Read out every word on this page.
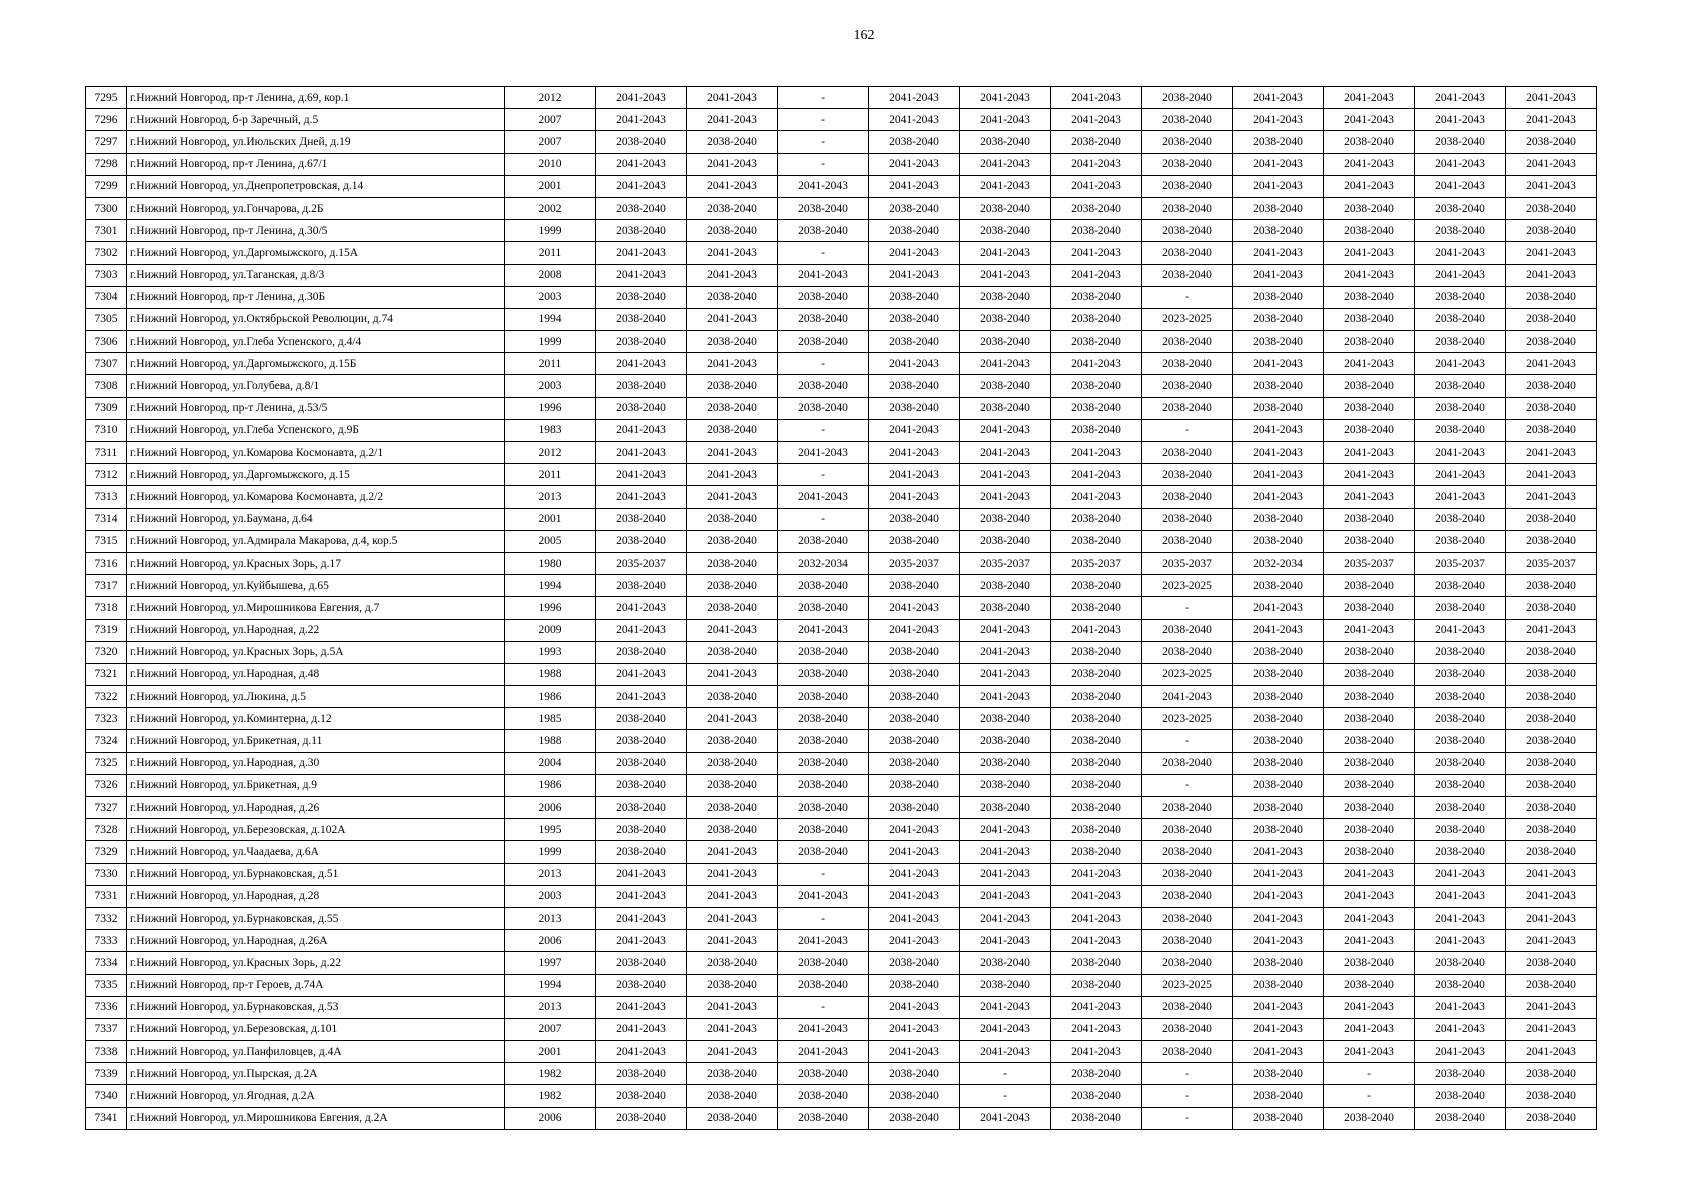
162
7295	г.Нижний Новгород, пр-т Ленина, д.69, кор.1	2012	2041-2043	2041-2043	-	2041-2043	2041-2043	2041-2043	2038-2040	2041-2043	2041-2043	2041-2043	2041-2043
7296	г.Нижний Новгород, б-р Заречный, д.5	2007	2041-2043	2041-2043	-	2041-2043	2041-2043	2041-2043	2038-2040	2041-2043	2041-2043	2041-2043	2041-2043
7297	г.Нижний Новгород, ул.Июльских Дней, д.19	2007	2038-2040	2038-2040	-	2038-2040	2038-2040	2038-2040	2038-2040	2038-2040	2038-2040	2038-2040	2038-2040
7298	г.Нижний Новгород, пр-т Ленина, д.67/1	2010	2041-2043	2041-2043	-	2041-2043	2041-2043	2041-2043	2038-2040	2041-2043	2041-2043	2041-2043	2041-2043
7299	г.Нижний Новгород, ул.Днепропетровская, д.14	2001	2041-2043	2041-2043	2041-2043	2041-2043	2041-2043	2041-2043	2038-2040	2041-2043	2041-2043	2041-2043	2041-2043
7300	г.Нижний Новгород, ул.Гончарова, д.2Б	2002	2038-2040	2038-2040	2038-2040	2038-2040	2038-2040	2038-2040	2038-2040	2038-2040	2038-2040	2038-2040	2038-2040
7301	г.Нижний Новгород, пр-т Ленина, д.30/5	1999	2038-2040	2038-2040	2038-2040	2038-2040	2038-2040	2038-2040	2038-2040	2038-2040	2038-2040	2038-2040	2038-2040
7302	г.Нижний Новгород, ул.Даргомыжского, д.15А	2011	2041-2043	2041-2043	-	2041-2043	2041-2043	2041-2043	2038-2040	2041-2043	2041-2043	2041-2043	2041-2043
7303	г.Нижний Новгород, ул.Таганская, д.8/3	2008	2041-2043	2041-2043	2041-2043	2041-2043	2041-2043	2041-2043	2038-2040	2041-2043	2041-2043	2041-2043	2041-2043
7304	г.Нижний Новгород, пр-т Ленина, д.30Б	2003	2038-2040	2038-2040	2038-2040	2038-2040	2038-2040	2038-2040	-	2038-2040	2038-2040	2038-2040	2038-2040
7305	г.Нижний Новгород, ул.Октябрьской Революции, д.74	1994	2038-2040	2041-2043	2038-2040	2038-2040	2038-2040	2038-2040	2023-2025	2038-2040	2038-2040	2038-2040	2038-2040
7306	г.Нижний Новгород, ул.Глеба Успенского, д.4/4	1999	2038-2040	2038-2040	2038-2040	2038-2040	2038-2040	2038-2040	2038-2040	2038-2040	2038-2040	2038-2040	2038-2040
7307	г.Нижний Новгород, ул.Даргомыжского, д.15Б	2011	2041-2043	2041-2043	-	2041-2043	2041-2043	2041-2043	2038-2040	2041-2043	2041-2043	2041-2043	2041-2043
7308	г.Нижний Новгород, ул.Голубева, д.8/1	2003	2038-2040	2038-2040	2038-2040	2038-2040	2038-2040	2038-2040	2038-2040	2038-2040	2038-2040	2038-2040	2038-2040
7309	г.Нижний Новгород, пр-т Ленина, д.53/5	1996	2038-2040	2038-2040	2038-2040	2038-2040	2038-2040	2038-2040	2038-2040	2038-2040	2038-2040	2038-2040	2038-2040
7310	г.Нижний Новгород, ул.Глеба Успенского, д.9Б	1983	2041-2043	2038-2040	-	2041-2043	2041-2043	2038-2040	-	2041-2043	2038-2040	2038-2040	2038-2040
7311	г.Нижний Новгород, ул.Комарова Космонавта, д.2/1	2012	2041-2043	2041-2043	2041-2043	2041-2043	2041-2043	2041-2043	2038-2040	2041-2043	2041-2043	2041-2043	2041-2043
7312	г.Нижний Новгород, ул.Даргомыжского, д.15	2011	2041-2043	2041-2043	-	2041-2043	2041-2043	2041-2043	2038-2040	2041-2043	2041-2043	2041-2043	2041-2043
7313	г.Нижний Новгород, ул.Комарова Космонавта, д.2/2	2013	2041-2043	2041-2043	2041-2043	2041-2043	2041-2043	2041-2043	2038-2040	2041-2043	2041-2043	2041-2043	2041-2043
7314	г.Нижний Новгород, ул.Баумана, д.64	2001	2038-2040	2038-2040	-	2038-2040	2038-2040	2038-2040	2038-2040	2038-2040	2038-2040	2038-2040	2038-2040
7315	г.Нижний Новгород, ул.Адмирала Макарова, д.4, кор.5	2005	2038-2040	2038-2040	2038-2040	2038-2040	2038-2040	2038-2040	2038-2040	2038-2040	2038-2040	2038-2040	2038-2040
7316	г.Нижний Новгород, ул.Красных Зорь, д.17	1980	2035-2037	2038-2040	2032-2034	2035-2037	2035-2037	2035-2037	2035-2037	2032-2034	2035-2037	2035-2037	2035-2037
7317	г.Нижний Новгород, ул.Куйбышева, д.65	1994	2038-2040	2038-2040	2038-2040	2038-2040	2038-2040	2038-2040	2023-2025	2038-2040	2038-2040	2038-2040	2038-2040
7318	г.Нижний Новгород, ул.Мирошникова Евгения, д.7	1996	2041-2043	2038-2040	2038-2040	2041-2043	2038-2040	2038-2040	-	2041-2043	2038-2040	2038-2040	2038-2040
7319	г.Нижний Новгород, ул.Народная, д.22	2009	2041-2043	2041-2043	2041-2043	2041-2043	2041-2043	2041-2043	2038-2040	2041-2043	2041-2043	2041-2043	2041-2043
7320	г.Нижний Новгород, ул.Красных Зорь, д.5А	1993	2038-2040	2038-2040	2038-2040	2038-2040	2041-2043	2038-2040	2038-2040	2038-2040	2038-2040	2038-2040	2038-2040
7321	г.Нижний Новгород, ул.Народная, д.48	1988	2041-2043	2041-2043	2038-2040	2038-2040	2041-2043	2038-2040	2023-2025	2038-2040	2038-2040	2038-2040	2038-2040
7322	г.Нижний Новгород, ул.Люкина, д.5	1986	2041-2043	2038-2040	2038-2040	2038-2040	2041-2043	2038-2040	2041-2043	2038-2040	2038-2040	2038-2040	2038-2040
7323	г.Нижний Новгород, ул.Коминтерна, д.12	1985	2038-2040	2041-2043	2038-2040	2038-2040	2038-2040	2038-2040	2023-2025	2038-2040	2038-2040	2038-2040	2038-2040
7324	г.Нижний Новгород, ул.Брикетная, д.11	1988	2038-2040	2038-2040	2038-2040	2038-2040	2038-2040	2038-2040	-	2038-2040	2038-2040	2038-2040	2038-2040
7325	г.Нижний Новгород, ул.Народная, д.30	2004	2038-2040	2038-2040	2038-2040	2038-2040	2038-2040	2038-2040	2038-2040	2038-2040	2038-2040	2038-2040	2038-2040
7326	г.Нижний Новгород, ул.Брикетная, д.9	1986	2038-2040	2038-2040	2038-2040	2038-2040	2038-2040	2038-2040	-	2038-2040	2038-2040	2038-2040	2038-2040
7327	г.Нижний Новгород, ул.Народная, д.26	2006	2038-2040	2038-2040	2038-2040	2038-2040	2038-2040	2038-2040	2038-2040	2038-2040	2038-2040	2038-2040	2038-2040
7328	г.Нижний Новгород, ул.Березовская, д.102А	1995	2038-2040	2038-2040	2038-2040	2041-2043	2041-2043	2038-2040	2038-2040	2038-2040	2038-2040	2038-2040	2038-2040
7329	г.Нижний Новгород, ул.Чаадаева, д.6А	1999	2038-2040	2041-2043	2038-2040	2041-2043	2041-2043	2038-2040	2038-2040	2041-2043	2038-2040	2038-2040	2038-2040
7330	г.Нижний Новгород, ул.Бурнаковская, д.51	2013	2041-2043	2041-2043	-	2041-2043	2041-2043	2041-2043	2038-2040	2041-2043	2041-2043	2041-2043	2041-2043
7331	г.Нижний Новгород, ул.Народная, д.28	2003	2041-2043	2041-2043	2041-2043	2041-2043	2041-2043	2041-2043	2038-2040	2041-2043	2041-2043	2041-2043	2041-2043
7332	г.Нижний Новгород, ул.Бурнаковская, д.55	2013	2041-2043	2041-2043	-	2041-2043	2041-2043	2041-2043	2038-2040	2041-2043	2041-2043	2041-2043	2041-2043
7333	г.Нижний Новгород, ул.Народная, д.26А	2006	2041-2043	2041-2043	2041-2043	2041-2043	2041-2043	2041-2043	2038-2040	2041-2043	2041-2043	2041-2043	2041-2043
7334	г.Нижний Новгород, ул.Красных Зорь, д.22	1997	2038-2040	2038-2040	2038-2040	2038-2040	2038-2040	2038-2040	2038-2040	2038-2040	2038-2040	2038-2040	2038-2040
7335	г.Нижний Новгород, пр-т Героев, д.74А	1994	2038-2040	2038-2040	2038-2040	2038-2040	2038-2040	2038-2040	2023-2025	2038-2040	2038-2040	2038-2040	2038-2040
7336	г.Нижний Новгород, ул.Бурнаковская, д.53	2013	2041-2043	2041-2043	-	2041-2043	2041-2043	2041-2043	2038-2040	2041-2043	2041-2043	2041-2043	2041-2043
7337	г.Нижний Новгород, ул.Березовская, д.101	2007	2041-2043	2041-2043	2041-2043	2041-2043	2041-2043	2041-2043	2038-2040	2041-2043	2041-2043	2041-2043	2041-2043
7338	г.Нижний Новгород, ул.Панфиловцев, д.4А	2001	2041-2043	2041-2043	2041-2043	2041-2043	2041-2043	2041-2043	2038-2040	2041-2043	2041-2043	2041-2043	2041-2043
7339	г.Нижний Новгород, ул.Пырская, д.2А	1982	2038-2040	2038-2040	2038-2040	2038-2040	-	2038-2040	-	2038-2040	-	2038-2040	2038-2040
7340	г.Нижний Новгород, ул.Ягодная, д.2А	1982	2038-2040	2038-2040	2038-2040	2038-2040	-	2038-2040	-	2038-2040	-	2038-2040	2038-2040
7341	г.Нижний Новгород, ул.Мирошникова Евгения, д.2А	2006	2038-2040	2038-2040	2038-2040	2038-2040	2041-2043	2038-2040	-	2038-2040	2038-2040	2038-2040	2038-2040
